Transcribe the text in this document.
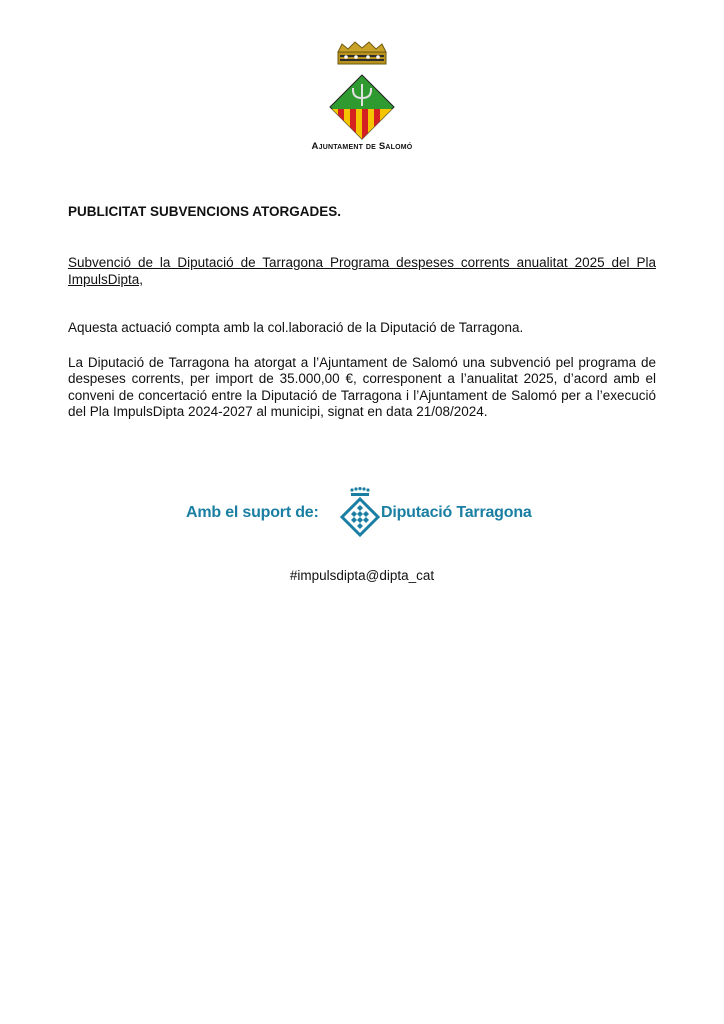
Ajuntament de Salomó
PUBLICITAT SUBVENCIONS ATORGADES.
Subvenció de la Diputació de Tarragona Programa despeses corrents anualitat 2025 del Pla ImpulsDipta,
Aquesta actuació compta amb la col.laboració de la Diputació de Tarragona.
La Diputació de Tarragona ha atorgat a l’Ajuntament de Salomó una subvenció pel programa de despeses corrents, per import de 35.000,00 €, corresponent a l’anualitat 2025, d’acord amb el conveni de concertació entre la Diputació de Tarragona i l’Ajuntament de Salomó per a l’execució del Pla ImpulsDipta 2024-2027 al municipi, signat en data 21/08/2024.
Amb el suport de:	Diputació Tarragona
#impulsdipta@dipta_cat
